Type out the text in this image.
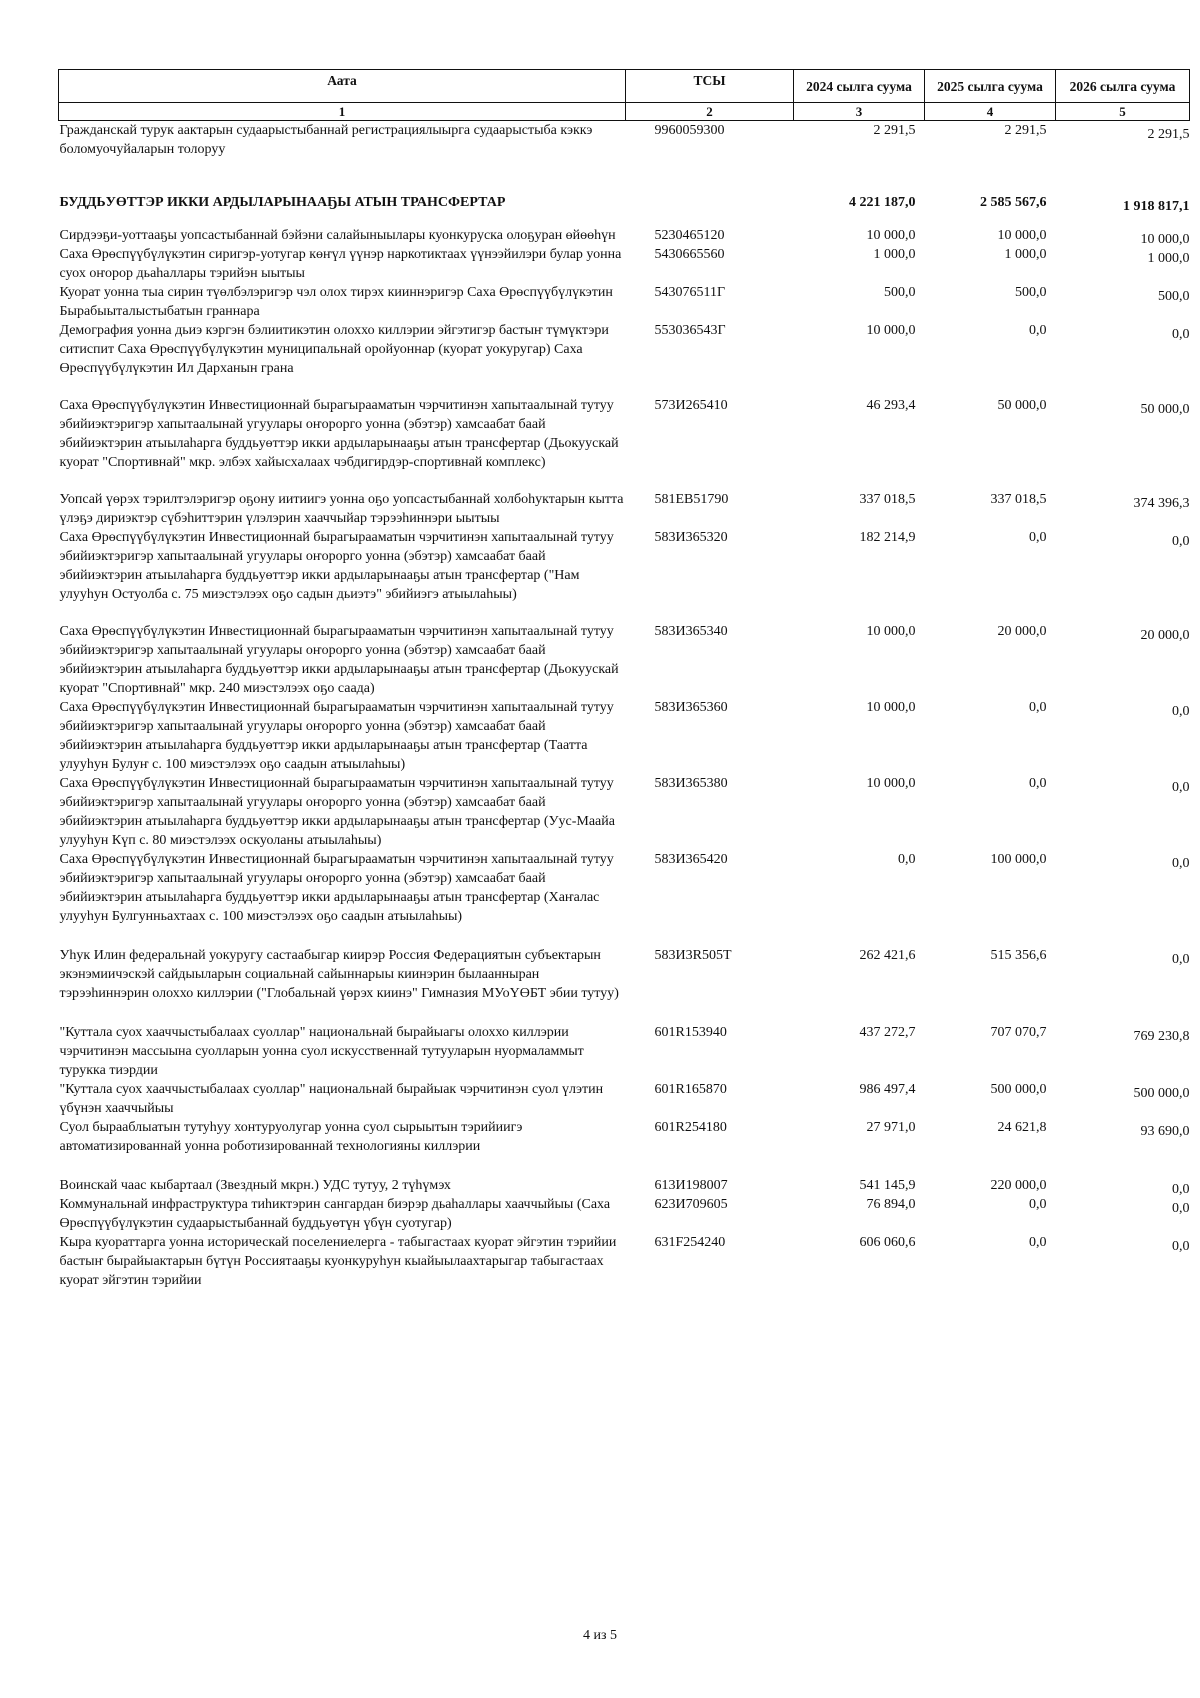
Аата	ТСЫ	2024 сылга суума	2025 сылга суума	2026 сылга суума
1	2	3	4	5
Гражданскай турук аактарын судаарыстыбаннай регистрациялыырга судаарыстыба кэккэ боломуочуйаларын толоруу	9960059300	2 291,5	2 291,5	2 291,5
БУДДЬУӨТТЭР ИККИ АРДЫЛАРЫНААҔЫ АТЫН ТРАНСФЕРТАР		4 221 187,0	2 585 567,6	1 918 817,1
Сирдээҕи-уоттааҕы уопсастыбаннай бэйэни салайыныылары куонкуруска олоҕуран өйөөһүн	5230465120	10 000,0	10 000,0	10 000,0
Саха Өрөспүүбүлүкэтин сиригэр-уотугар көҥүл үүнэр наркотиктаах үүнээйилэри булар уонна суох оҥорор дьаһаллары тэрийэн ыытыы	5430665560	1 000,0	1 000,0	1 000,0
Куорат уонна тыа сирин түөлбэлэригэр чэл олох тирэх кииннэригэр Саха Өрөспүүбүлүкэтин Бырабыыталыстыбатын граннара	543076511Г	500,0	500,0	500,0
Демография уонна дьиэ кэргэн бэлиитикэтин олоххо киллэрии эйгэтигэр бастыҥ түмүктэри ситиспит Саха Өрөспүүбүлүкэтин муниципальнай оройуоннар (куорат уокуругар) Саха Өрөспүүбүлүкэтин Ил Дарханын грана	553036543Г	10 000,0	0,0	0,0
Саха Өрөспүүбүлүкэтин Инвестиционнай бырагырааматын чэрчитинэн хапытаалынай тутуу эбийиэктэригэр хапытаалынай угуулары оҥорорго уонна (эбэтэр) хамсаабат баай эбийиэктэрин атыылаһарга буддьуөттэр икки ардыларынааҕы атын трансфертар (Дьокуускай куорат "Спортивнай" мкр. элбэх хайысхалаах чэбдигирдэр-спортивнай комплекс)	573И265410	46 293,4	50 000,0	50 000,0
Уопсай үөрэх тэрилтэлэригэр оҕону иитиигэ уонна оҕо уопсастыбаннай холбоһуктарын кытта үлэҕэ дириэктэр сүбэһиттэрин үлэлэрин хааччыйар тэрээһиннэри ыытыы	581ЕВ51790	337 018,5	337 018,5	374 396,3
Саха Өрөспүүбүлүкэтин Инвестиционнай бырагырааматын чэрчитинэн хапытаалынай тутуу эбийиэктэригэр хапытаалынай угуулары оҥорорго уонна (эбэтэр) хамсаабат баай эбийиэктэрин атыылаһарга буддьуөттэр икки ардыларынааҕы атын трансфертар ("Нам улууһун Остуолба с. 75 миэстэлээх оҕо садын дьиэтэ" эбийиэгэ атыылаһыы)	583И365320	182 214,9	0,0	0,0
Саха Өрөспүүбүлүкэтин Инвестиционнай бырагырааматын чэрчитинэн хапытаалынай тутуу эбийиэктэригэр хапытаалынай угуулары оҥорорго уонна (эбэтэр) хамсаабат баай эбийиэктэрин атыылаһарга буддьуөттэр икки ардыларынааҕы атын трансфертар (Дьокуускай куорат "Спортивнай" мкр. 240 миэстэлээх оҕо саада)	583И365340	10 000,0	20 000,0	20 000,0
Саха Өрөспүүбүлүкэтин Инвестиционнай бырагырааматын чэрчитинэн хапытаалынай тутуу эбийиэктэригэр хапытаалынай угуулары оҥорорго уонна (эбэтэр) хамсаабат баай эбийиэктэрин атыылаһарга буддьуөттэр икки ардыларынааҕы атын трансфертар (Таатта улууһун Булуҥ с. 100 миэстэлээх оҕо саадын атыылаһыы)	583И365360	10 000,0	0,0	0,0
Саха Өрөспүүбүлүкэтин Инвестиционнай бырагырааматын чэрчитинэн хапытаалынай тутуу эбийиэктэригэр хапытаалынай угуулары оҥорорго уонна (эбэтэр) хамсаабат баай эбийиэктэрин атыылаһарга буддьуөттэр икки ардыларынааҕы атын трансфертар (Уус-Маайа улууһун Күп с. 80 миэстэлээх оскуоланы атыылаһыы)	583И365380	10 000,0	0,0	0,0
Саха Өрөспүүбүлүкэтин Инвестиционнай бырагырааматын чэрчитинэн хапытаалынай тутуу эбийиэктэригэр хапытаалынай угуулары оҥорорго уонна (эбэтэр) хамсаабат баай эбийиэктэрин атыылаһарга буддьуөттэр икки ардыларынааҕы атын трансфертар (Хаҥалас улууһун Булгунньахтаах с. 100 миэстэлээх оҕо саадын атыылаһыы)	583И365420	0,0	100 000,0	0,0
Уһук Илин федеральнай уокуругу састаабыгар киирэр Россия Федерациятын субъектарын экэнэмиичэскэй сайдыыларын социальнай сайыннарыы киинэрин былаанныран тэрээһиннэрин олоххо киллэрии ("Глобальнай үөрэх киинэ" Гимназия МУоҮӨБТ эбии тутуу)	583И3R505Т	262 421,6	515 356,6	0,0
"Куттала суох хааччыстыбалаах суоллар" национальнай бырайыагы олоххо киллэрии чэрчитинэн массыына суолларын уонна суол искусственнай тутууларын нуормаламмыт турукка тиэрдии	601R153940	437 272,7	707 070,7	769 230,8
"Куттала суох хааччыстыбалаах суоллар" национальнай бырайыак чэрчитинэн суол үлэтин үбүнэн хааччыйыы	601R165870	986 497,4	500 000,0	500 000,0
Суол бырааблыатын тутуһуу хонтуруолугар уонна суол сырыытын тэрийиигэ автоматизированнай уонна роботизированнай технологияны киллэрии	601R254180	27 971,0	24 621,8	93 690,0
Воинскай чаас кыбартаал (Звездный мкрн.) УДС тутуу, 2 түһүмэх	613И198007	541 145,9	220 000,0	0,0
Коммунальнай инфраструктура тиһиктэрин сангардан биэрэр дьаһаллары хааччыйыы (Саха Өрөспүүбүлүкэтин судаарыстыбаннай буддьуөтүн үбүн суотугар)	623И709605	76 894,0	0,0	0,0
Кыра куораттарга уонна историческай поселениелерга - табыгастаах куорат эйгэтин тэрийии бастыҥ бырайыактарын бүтүн Россиятааҕы куонкуруһун кыайыылаахтарыгар табыгастаах куорат эйгэтин тэрийии	631F254240	606 060,6	0,0	0,0
4 из 5
